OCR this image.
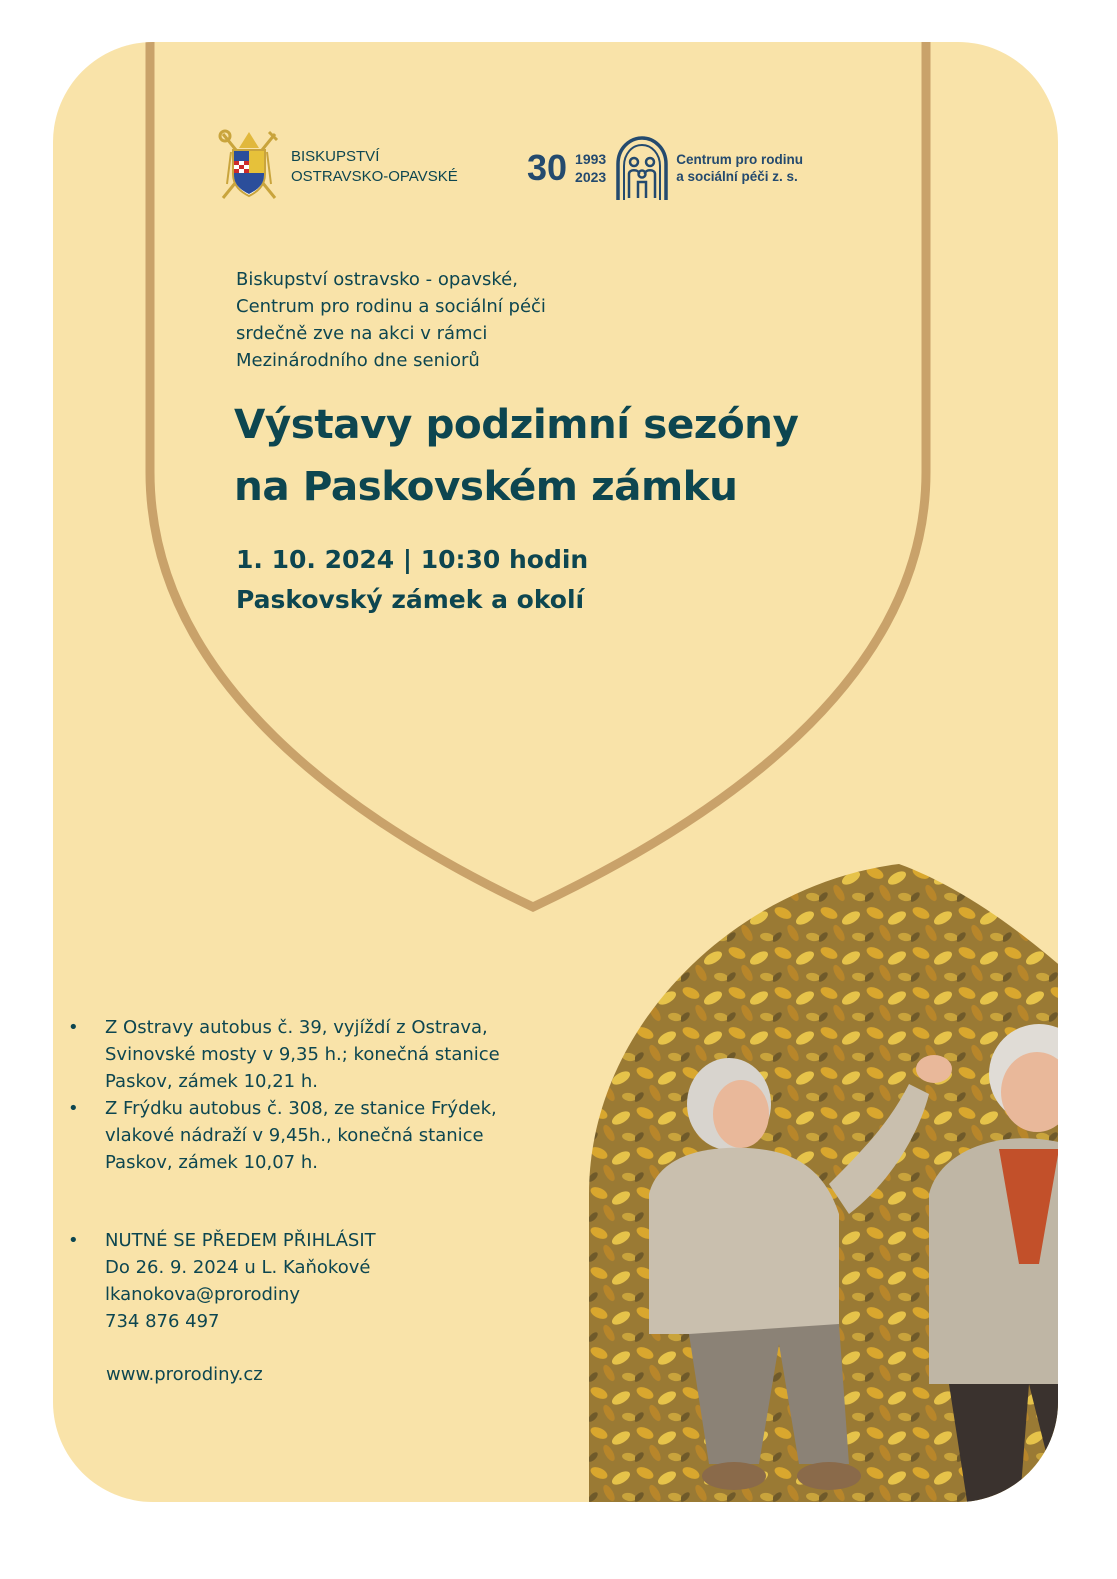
BISKUPSTVÍ
OSTRAVSKO-OPAVSKÉ 30 1993
2023
Centrum pro rodinu
a sociální péči z. s.
Biskupství ostravsko - opavské,
Centrum pro rodinu a sociální péči
srdečně zve na akci v rámci
Mezinárodního dne seniorů
Výstavy podzimní sezóny
na Paskovském zámku
1. 10. 2024 | 10:30 hodin
Paskovský zámek a okolí
• Z Ostravy autobus č. 39, vyjíždí z Ostrava,
Svinovské mosty v 9,35 h.; konečná stanice
Paskov, zámek 10,21 h.
• Z Frýdku autobus č. 308, ze stanice Frýdek,
vlakové nádraží v 9,45h., konečná stanice
Paskov, zámek 10,07 h.
• NUTNÉ SE PŘEDEM PŘIHLÁSIT
Do 26. 9. 2024 u L. Kaňokové
lkanokova@prorodiny
734 876 497
www.prorodiny.cz
